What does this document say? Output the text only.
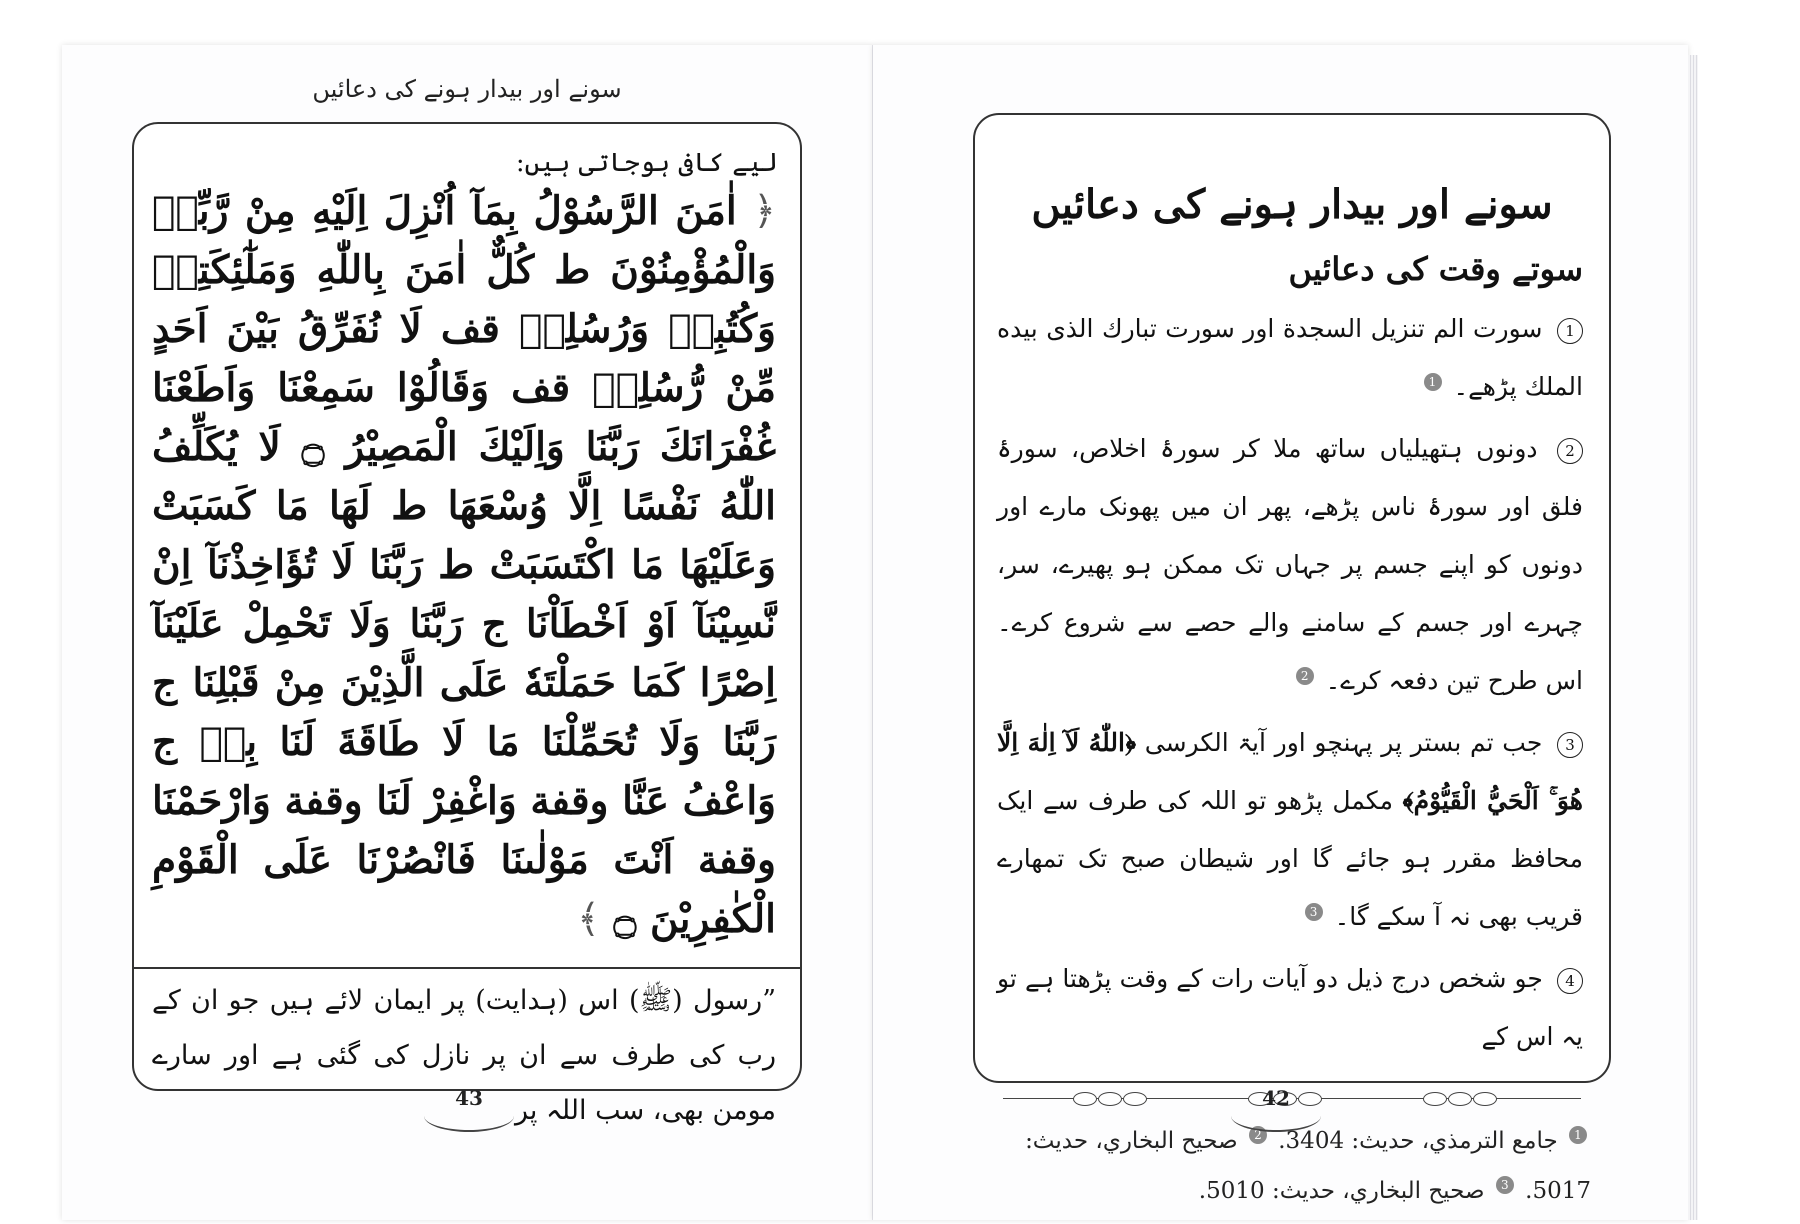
سونے اور بیدار ہونے کی دعائیں
لیے کافی ہوجاتی ہیں:
﴿ اٰمَنَ الرَّسُوْلُ بِمَآ اُنْزِلَ اِلَيْهِ مِنْ رَّبِّهٖ وَالْمُؤْمِنُوْنَ ط كُلٌّ اٰمَنَ بِاللّٰهِ وَمَلٰٓئِكَتِهٖ وَكُتُبِهٖ وَرُسُلِهٖ قف لَا نُفَرِّقُ بَيْنَ اَحَدٍ مِّنْ رُّسُلِهٖ قف وَقَالُوْا سَمِعْنَا وَاَطَعْنَا غُفْرَانَكَ رَبَّنَا وَاِلَيْكَ الْمَصِيْرُ ۝ لَا يُكَلِّفُ اللّٰهُ نَفْسًا اِلَّا وُسْعَهَا ط لَهَا مَا كَسَبَتْ وَعَلَيْهَا مَا اكْتَسَبَتْ ط رَبَّنَا لَا تُؤَاخِذْنَآ اِنْ نَّسِيْنَآ اَوْ اَخْطَاْنَا ج رَبَّنَا وَلَا تَحْمِلْ عَلَيْنَآ اِصْرًا كَمَا حَمَلْتَهٗ عَلَى الَّذِيْنَ مِنْ قَبْلِنَا ج رَبَّنَا وَلَا تُحَمِّلْنَا مَا لَا طَاقَةَ لَنَا بِهٖ ج وَاعْفُ عَنَّا وقفة وَاغْفِرْ لَنَا وقفة وَارْحَمْنَا وقفة اَنْتَ مَوْلٰىنَا فَانْصُرْنَا عَلَى الْقَوْمِ الْكٰفِرِيْنَ ۝ ﴾
”رسول (ﷺ) اس (ہدایت) پر ایمان لائے ہیں جو ان کے رب کی طرف سے ان پر نازل کی گئی ہے اور سارے مومن بھی، سب اللہ پر
43
سونے اور بیدار ہونے کی دعائیں
سوتے وقت کی دعائیں
1 سورت الم تنزيل السجدة اور سورت تبارك الذى بيده الملك پڑھے۔ 1
2 دونوں ہتھیلیاں ساتھ ملا کر سورۂ اخلاص، سورۂ فلق اور سورۂ ناس پڑھے، پھر ان میں پھونک مارے اور دونوں کو اپنے جسم پر جہاں تک ممکن ہو پھیرے، سر، چہرے اور جسم کے سامنے والے حصے سے شروع کرے۔ اس طرح تین دفعہ کرے۔ 2
3 جب تم بستر پر پہنچو اور آیۃ الکرسی ﴿اللّٰهُ لَآ اِلٰهَ اِلَّا هُوَ ۚ اَلْحَيُّ الْقَيُّوْمُ﴾ مکمل پڑھو تو اللہ کی طرف سے ایک محافظ مقرر ہو جائے گا اور شیطان صبح تک تمھارے قریب بھی نہ آ سکے گا۔ 3
4 جو شخص درج ذیل دو آیات رات کے وقت پڑھتا ہے تو یہ اس کے
1 جامع الترمذي، حديث: 3404. 2 صحيح البخاري، حديث: 5017. 3 صحيح البخاري، حديث: 5010.
42
